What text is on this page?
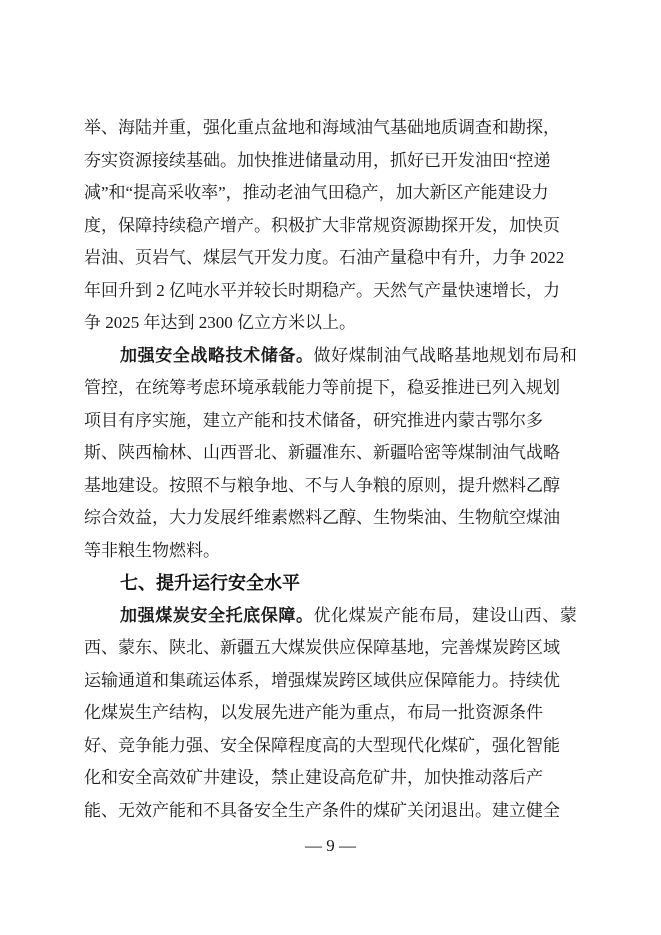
举、海陆并重，强化重点盆地和海域油气基础地质调查和勘探，
夯实资源接续基础。加快推进储量动用，抓好已开发油田“控递
减”和“提高采收率”，推动老油气田稳产，加大新区产能建设力
度，保障持续稳产增产。积极扩大非常规资源勘探开发，加快页
岩油、页岩气、煤层气开发力度。石油产量稳中有升，力争 2022
年回升到 2 亿吨水平并较长时期稳产。天然气产量快速增长，力
争 2025 年达到 2300 亿立方米以上。
加 强 安 全 战 略 技 术 储 备 。 做 好 煤 制 油 气 战 略 基 地 规 划 布 局 和
管控，在统筹考虑环境承载能力等前提下，稳妥推进已列入规划
项目有序实施，建立产能和技术储备，研究推进内蒙古鄂尔多
斯、陕西榆林、山西晋北、新疆准东、新疆哈密等煤制油气战略
基地建设。按照不与粮争地、不与人争粮的原则，提升燃料乙醇
综合效益，大力发展纤维素燃料乙醇、生物柴油、生物航空煤油
等非粮生物燃料。
七、提升运行安全水平
加 强 煤 炭 安 全 托 底 保 障 。 优 化 煤 炭 产 能 布 局 ， 建 设 山 西 、 蒙
西、蒙东、陕北、新疆五大煤炭供应保障基地，完善煤炭跨区域
运输通道和集疏运体系，增强煤炭跨区域供应保障能力。持续优
化煤炭生产结构，以发展先进产能为重点，布局一批资源条件
好、竞争能力强、安全保障程度高的大型现代化煤矿，强化智能
化和安全高效矿井建设，禁止建设高危矿井，加快推动落后产
能、无效产能和不具备安全生产条件的煤矿关闭退出。建立健全
— 9 —
